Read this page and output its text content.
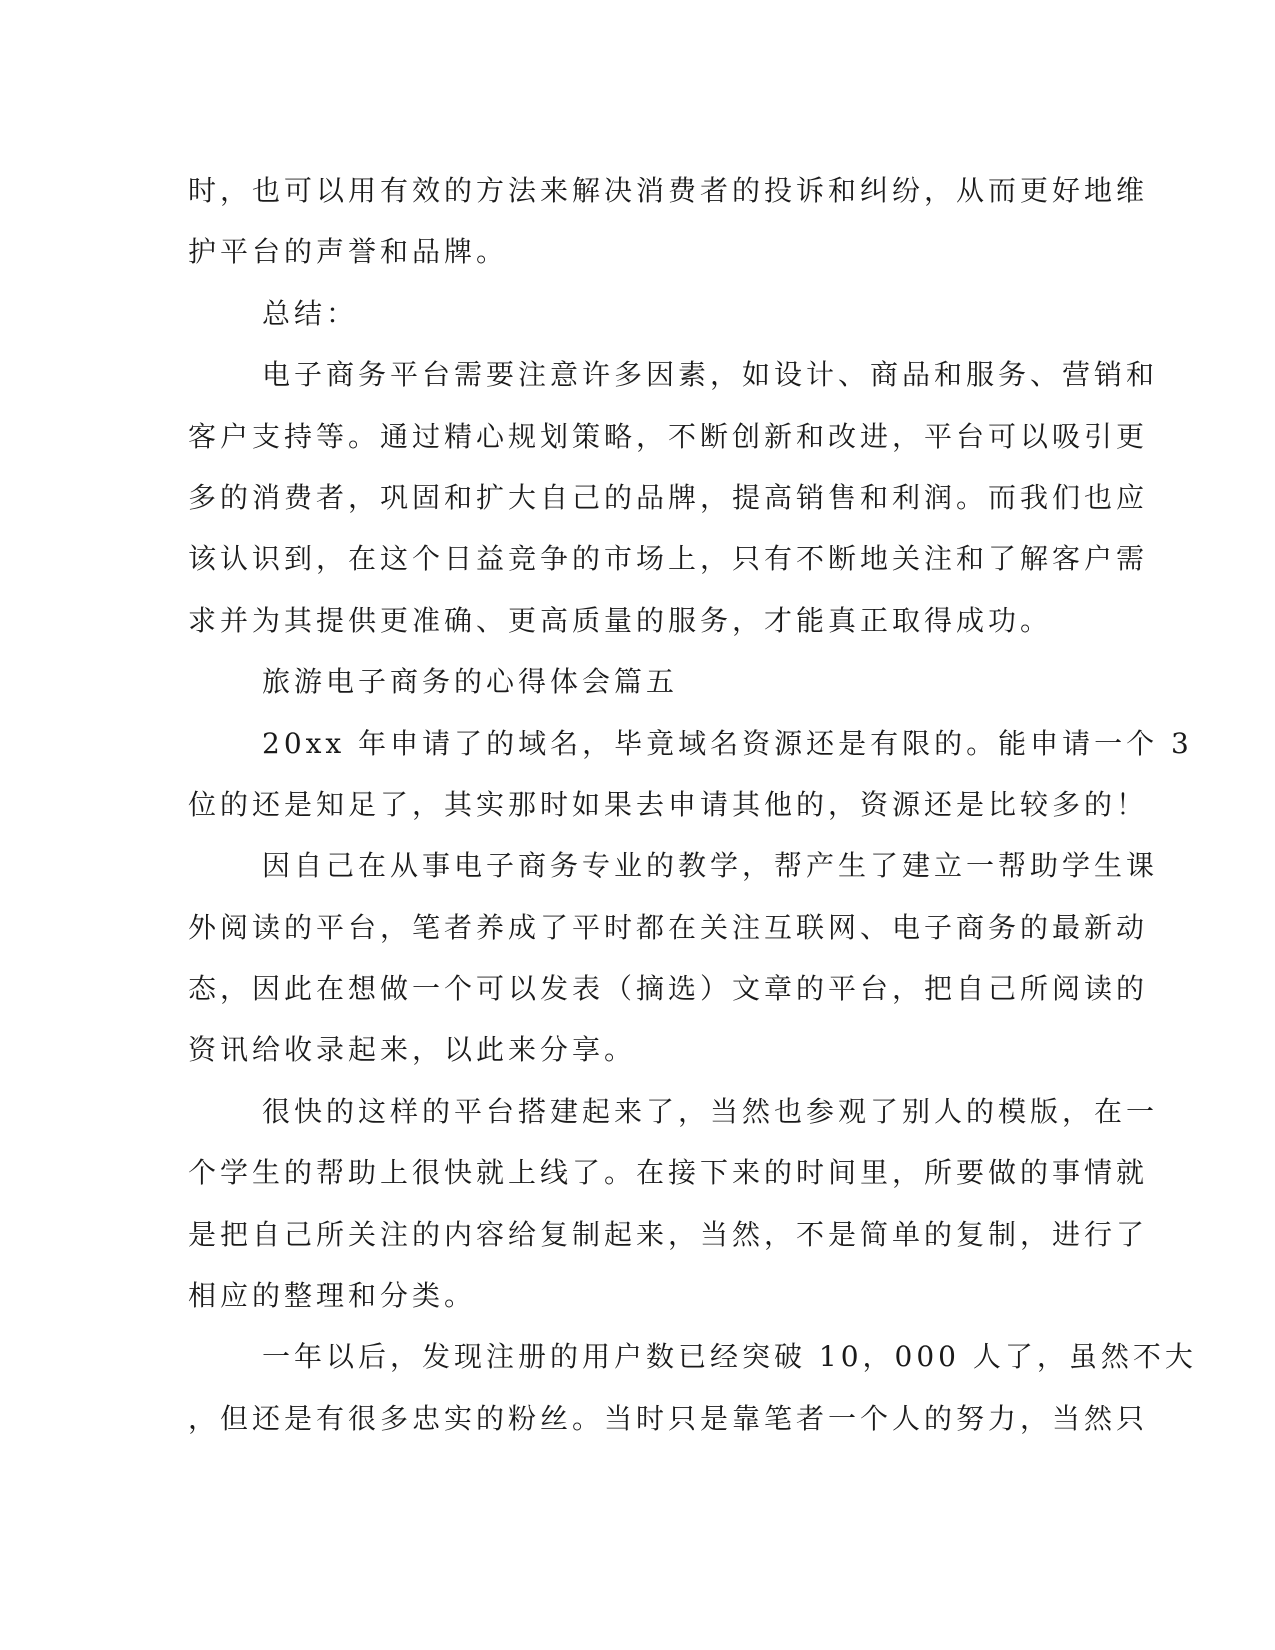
时，也可以用有效的方法来解决消费者的投诉和纠纷，从而更好地维
护平台的声誉和品牌。
总结：
电子商务平台需要注意许多因素，如设计、商品和服务、营销和
客户支持等。通过精心规划策略，不断创新和改进，平台可以吸引更
多的消费者，巩固和扩大自己的品牌，提高销售和利润。而我们也应
该认识到，在这个日益竞争的市场上，只有不断地关注和了解客户需
求并为其提供更准确、更高质量的服务，才能真正取得成功。
旅游电子商务的心得体会篇五
20xx 年申请了的域名，毕竟域名资源还是有限的。能申请一个 3
位的还是知足了，其实那时如果去申请其他的，资源还是比较多的！
因自己在从事电子商务专业的教学，帮产生了建立一帮助学生课
外阅读的平台，笔者养成了平时都在关注互联网、电子商务的最新动
态，因此在想做一个可以发表（摘选）文章的平台，把自己所阅读的
资讯给收录起来，以此来分享。
很快的这样的平台搭建起来了，当然也参观了别人的模版，在一
个学生的帮助上很快就上线了。在接下来的时间里，所要做的事情就
是把自己所关注的内容给复制起来，当然，不是简单的复制，进行了
相应的整理和分类。
一年以后，发现注册的用户数已经突破 10，000 人了，虽然不大
，但还是有很多忠实的粉丝。当时只是靠笔者一个人的努力，当然只
